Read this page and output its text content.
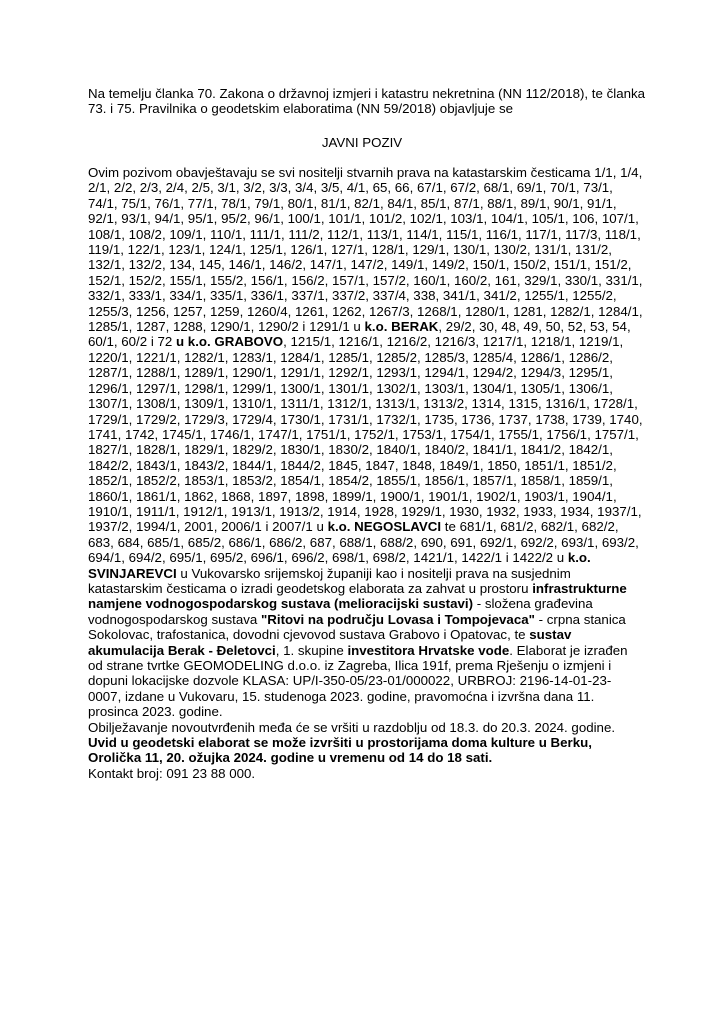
Na temelju članka 70. Zakona o državnoj izmjeri i katastru nekretnina (NN 112/2018), te članka 73. i 75. Pravilnika o geodetskim elaboratima (NN 59/2018) objavljuje se
JAVNI POZIV

Ovim pozivom obavještavaju se svi nositelji stvarnih prava na katastarskim česticama 1/1, 1/4, 2/1, 2/2, 2/3, 2/4, 2/5, 3/1, 3/2, 3/3, 3/4, 3/5, 4/1, 65, 66, 67/1, 67/2, 68/1, 69/1, 70/1, 73/1, 74/1, 75/1, 76/1, 77/1, 78/1, 79/1, 80/1, 81/1, 82/1, 84/1, 85/1, 87/1, 88/1, 89/1, 90/1, 91/1, 92/1, 93/1, 94/1, 95/1, 95/2, 96/1, 100/1, 101/1, 101/2, 102/1, 103/1, 104/1, 105/1, 106, 107/1, 108/1, 108/2, 109/1, 110/1, 111/1, 111/2, 112/1, 113/1, 114/1, 115/1, 116/1, 117/1, 117/3, 118/1, 119/1, 122/1, 123/1, 124/1, 125/1, 126/1, 127/1, 128/1, 129/1, 130/1, 130/2, 131/1, 131/2, 132/1, 132/2, 134, 145, 146/1, 146/2, 147/1, 147/2, 149/1, 149/2, 150/1, 150/2, 151/1, 151/2, 152/1, 152/2, 155/1, 155/2, 156/1, 156/2, 157/1, 157/2, 160/1, 160/2, 161, 329/1, 330/1, 331/1, 332/1, 333/1, 334/1, 335/1, 336/1, 337/1, 337/2, 337/4, 338, 341/1, 341/2, 1255/1, 1255/2, 1255/3, 1256, 1257, 1259, 1260/4, 1261, 1262, 1267/3, 1268/1, 1280/1, 1281, 1282/1, 1284/1, 1285/1, 1287, 1288, 1290/1, 1290/2 i 1291/1 u k.o. BERAK, 29/2, 30, 48, 49, 50, 52, 53, 54, 60/1, 60/2 i 72 u k.o. GRABOVO, 1215/1, 1216/1, 1216/2, 1216/3, 1217/1, 1218/1, 1219/1, 1220/1, 1221/1, 1282/1, 1283/1, 1284/1, 1285/1, 1285/2, 1285/3, 1285/4, 1286/1, 1286/2, 1287/1, 1288/1, 1289/1, 1290/1, 1291/1, 1292/1, 1293/1, 1294/1, 1294/2, 1294/3, 1295/1, 1296/1, 1297/1, 1298/1, 1299/1, 1300/1, 1301/1, 1302/1, 1303/1, 1304/1, 1305/1, 1306/1, 1307/1, 1308/1, 1309/1, 1310/1, 1311/1, 1312/1, 1313/1, 1313/2, 1314, 1315, 1316/1, 1728/1, 1729/1, 1729/2, 1729/3, 1729/4, 1730/1, 1731/1, 1732/1, 1735, 1736, 1737, 1738, 1739, 1740, 1741, 1742, 1745/1, 1746/1, 1747/1, 1751/1, 1752/1, 1753/1, 1754/1, 1755/1, 1756/1, 1757/1, 1827/1, 1828/1, 1829/1, 1829/2, 1830/1, 1830/2, 1840/1, 1840/2, 1841/1, 1841/2, 1842/1, 1842/2, 1843/1, 1843/2, 1844/1, 1844/2, 1845, 1847, 1848, 1849/1, 1850, 1851/1, 1851/2, 1852/1, 1852/2, 1853/1, 1853/2, 1854/1, 1854/2, 1855/1, 1856/1, 1857/1, 1858/1, 1859/1, 1860/1, 1861/1, 1862, 1868, 1897, 1898, 1899/1, 1900/1, 1901/1, 1902/1, 1903/1, 1904/1, 1910/1, 1911/1, 1912/1, 1913/1, 1913/2, 1914, 1928, 1929/1, 1930, 1932, 1933, 1934, 1937/1, 1937/2, 1994/1, 2001, 2006/1 i 2007/1 u k.o. NEGOSLAVCI te 681/1, 681/2, 682/1, 682/2, 683, 684, 685/1, 685/2, 686/1, 686/2, 687, 688/1, 688/2, 690, 691, 692/1, 692/2, 693/1, 693/2, 694/1, 694/2, 695/1, 695/2, 696/1, 696/2, 698/1, 698/2, 1421/1, 1422/1 i 1422/2 u k.o. SVINJAREVCI u Vukovarsko srijemskoj županiji kao i nositelji prava na susjednim katastarskim česticama o izradi geodetskog elaborata za zahvat u prostoru infrastrukturne namjene vodnogospodarskog sustava (melioracijski sustavi) - složena građevina vodnogospodarskog sustava "Ritovi na području Lovasa i Tompojevaca" - crpna stanica Sokolovac, trafostanica, dovodni cjevovod sustava Grabovo i Opatovac, te sustav akumulacija Berak - Đeletovci, 1. skupine investitora Hrvatske vode. Elaborat je izrađen od strane tvrtke GEOMODELING d.o.o. iz Zagreba, Ilica 191f, prema Rješenju o izmjeni i dopuni lokacijske dozvole KLASA: UP/I-350-05/23-01/000022, URBROJ: 2196-14-01-23-0007, izdane u Vukovaru, 15. studenoga 2023. godine, pravomoćna i izvršna dana 11. prosinca 2023. godine.

Obilježavanje novoutvrđenih međa će se vršiti u razdoblju od 18.3. do 20.3. 2024. godine.

Uvid u geodetski elaborat se može izvršiti u prostorijama doma kulture u Berku, Orolička 11, 20. ožujka 2024. godine u vremenu od 14 do 18 sati.

Kontakt broj: 091 23 88 000.
